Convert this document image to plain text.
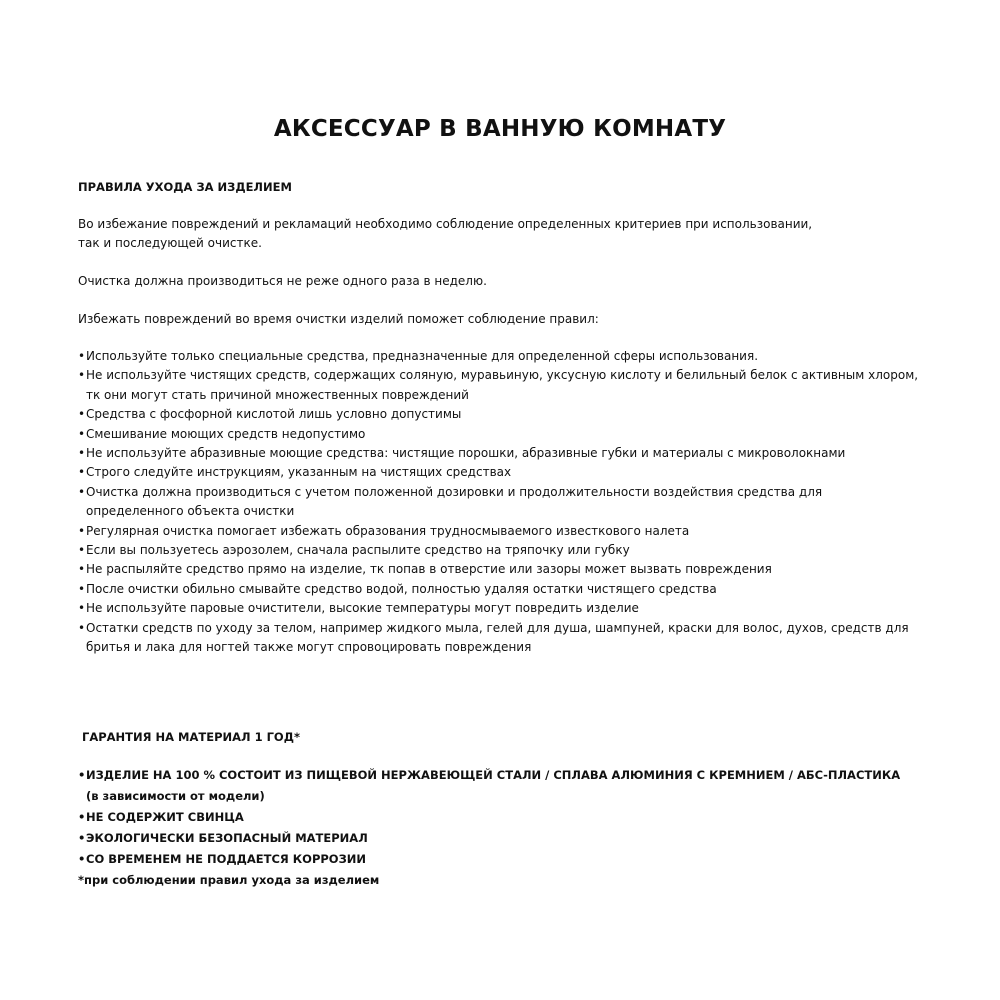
АКСЕССУАР В ВАННУЮ КОМНАТУ

ПРАВИЛА УХОДА ЗА ИЗДЕЛИЕМ

Во избежание повреждений и рекламаций необходимо соблюдение определенных критериев при использовании,

так и последующей очистке.

Очистка должна производиться не реже одного раза в неделю.

Избежать повреждений во время очистки изделий поможет соблюдение правил:

•Используйте только специальные средства, предназначенные для определенной сферы использования.
•Не используйте чистящих средств, содержащих соляную, муравьиную, уксусную кислоту и белильный белок с активным хлором,
тк они могут стать причиной множественных повреждений
•Средства с фосфорной кислотой лишь условно допустимы
•Смешивание моющих средств недопустимо
•Не используйте абразивные моющие средства: чистящие порошки, абразивные губки и материалы с микроволокнами
•Строго следуйте инструкциям, указанным на чистящих средствах
•Очистка должна производиться с учетом положенной дозировки и продолжительности воздействия средства для
определенного объекта очистки
•Регулярная очистка помогает избежать образования трудносмываемого известкового налета
•Если вы пользуетесь аэрозолем, сначала распылите средство на тряпочку или губку
•Не распыляйте средство прямо на изделие, тк попав в отверстие или зазоры может вызвать повреждения
•После очистки обильно смывайте средство водой, полностью удаляя остатки чистящего средства
•Не используйте паровые очистители, высокие температуры могут повредить изделие
•Остатки средств по уходу за телом, например жидкого мыла, гелей для душа, шампуней, краски для волос, духов, средств для
бритья и лака для ногтей также могут спровоцировать повреждения

ГАРАНТИЯ НА МАТЕРИАЛ 1 ГОД*

•ИЗДЕЛИЕ НА 100 % СОСТОИТ ИЗ ПИЩЕВОЙ НЕРЖАВЕЮЩЕЙ СТАЛИ / СПЛАВА АЛЮМИНИЯ С КРЕМНИЕМ / АБС-ПЛАСТИКА
(в зависимости от модели)
•НЕ СОДЕРЖИТ СВИНЦА
•ЭКОЛОГИЧЕСКИ БЕЗОПАСНЫЙ МАТЕРИАЛ
•СО ВРЕМЕНЕМ НЕ ПОДДАЕТСЯ КОРРОЗИИ

*при соблюдении правил ухода за изделием
